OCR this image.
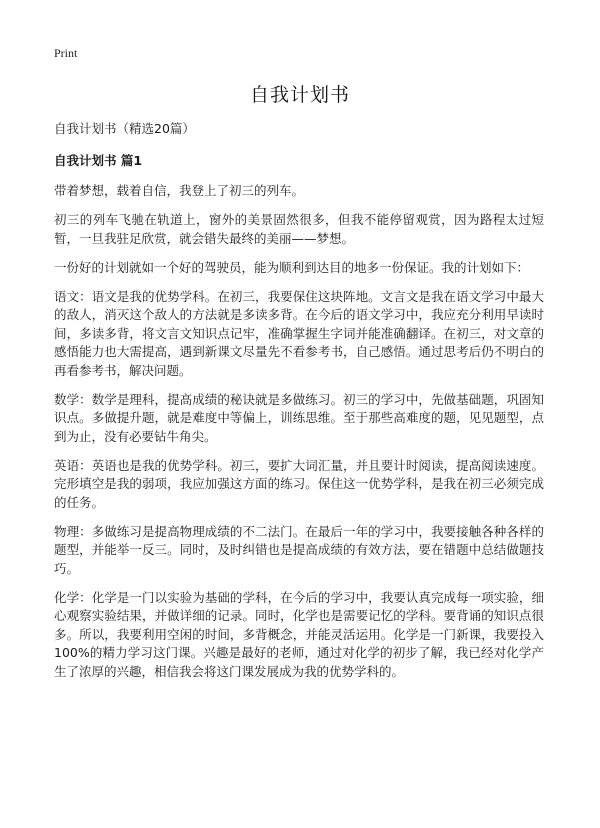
Print
自我计划书
自我计划书（精选20篇）
自我计划书 篇1

带着梦想，载着自信，我登上了初三的列车。

初三的列车飞驰在轨道上，窗外的美景固然很多，但我不能停留观赏，因为路程太过短暂，一旦我驻足欣赏，就会错失最终的美丽——梦想。

一份好的计划就如一个好的驾驶员，能为顺利到达目的地多一份保证。我的计划如下：

语文：语文是我的优势学科。在初三，我要保住这块阵地。文言文是我在语文学习中最大的敌人，消灭这个敌人的方法就是多读多背。在今后的语文学习中，我应充分利用早读时间，多读多背，将文言文知识点记牢，准确掌握生字词并能准确翻译。在初三，对文章的感悟能力也大需提高，遇到新课文尽量先不看参考书，自己感悟。通过思考后仍不明白的再看参考书，解决问题。

数学：数学是理科，提高成绩的秘诀就是多做练习。初三的学习中，先做基础题，巩固知识点。多做提升题，就是难度中等偏上，训练思维。至于那些高难度的题，见见题型，点到为止，没有必要钻牛角尖。

英语：英语也是我的优势学科。初三，要扩大词汇量，并且要计时阅读，提高阅读速度。完形填空是我的弱项，我应加强这方面的练习。保住这一优势学科，是我在初三必须完成的任务。

物理：多做练习是提高物理成绩的不二法门。在最后一年的学习中，我要接触各种各样的题型，并能举一反三。同时，及时纠错也是提高成绩的有效方法，要在错题中总结做题技巧。

化学：化学是一门以实验为基础的学科，在今后的学习中，我要认真完成每一项实验，细心观察实验结果，并做详细的记录。同时，化学也是需要记忆的学科。要背诵的知识点很多。所以，我要利用空闲的时间，多背概念，并能灵活运用。化学是一门新课，我要投入100%的精力学习这门课。兴趣是最好的老师，通过对化学的初步了解，我已经对化学产生了浓厚的兴趣，相信我会将这门课发展成为我的优势学科的。
